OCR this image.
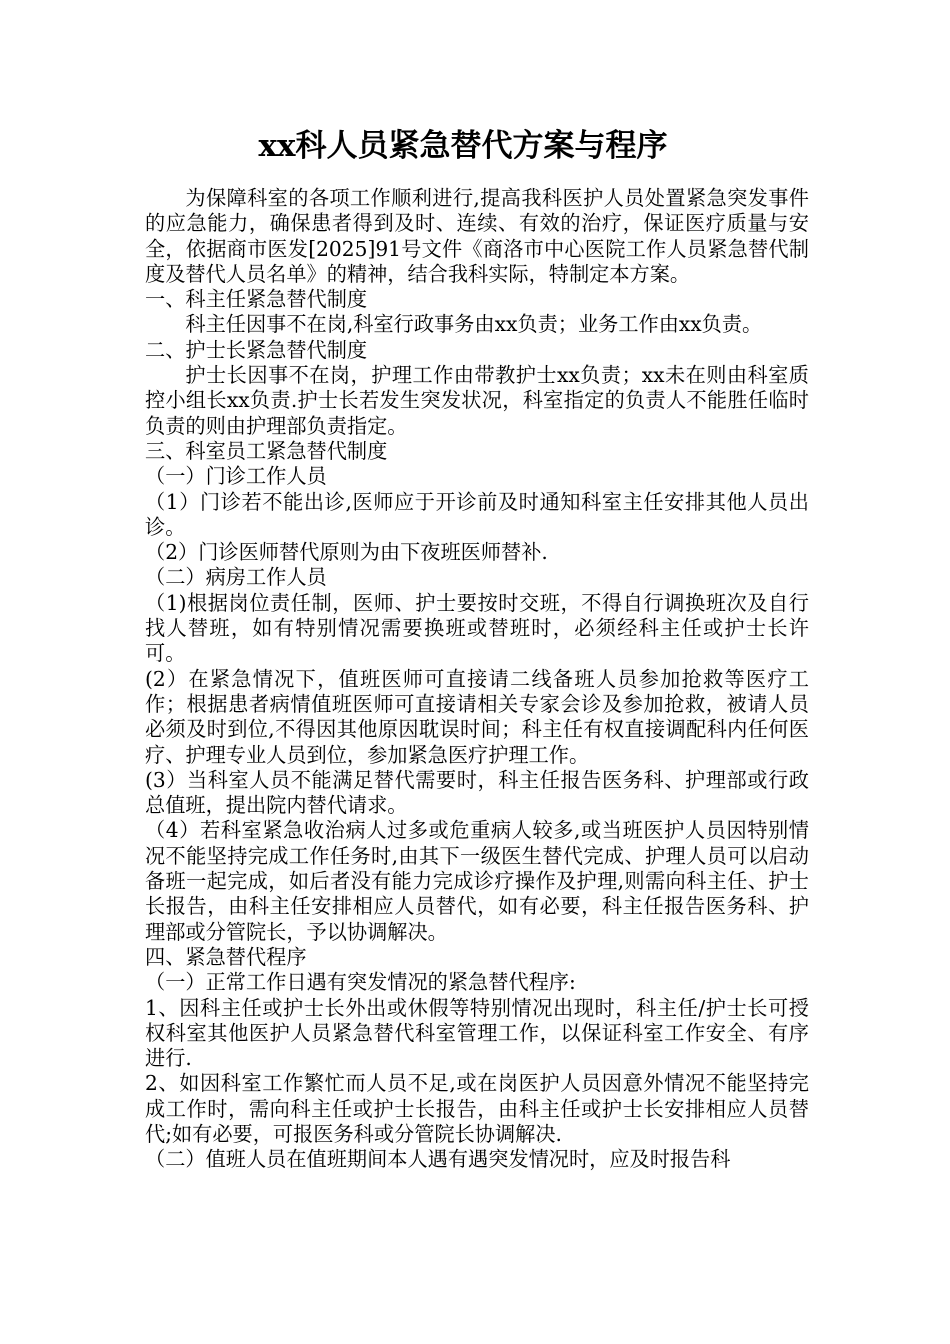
xx科人员紧急替代方案与程序

为保障科室的各项工作顺利进行,提高我科医护人员处置紧急突发事件的应急能力，确保患者得到及时、连续、有效的治疗，保证医疗质量与安全，依据商市医发[2025]91号文件《商洛市中心医院工作人员紧急替代制度及替代人员名单》的精神，结合我科实际，特制定本方案。

一、科主任紧急替代制度

科主任因事不在岗,科室行政事务由xx负责；业务工作由xx负责。

二、护士长紧急替代制度

护士长因事不在岗，护理工作由带教护士xx负责；xx未在则由科室质控小组长xx负责.护士长若发生突发状况，科室指定的负责人不能胜任临时负责的则由护理部负责指定。

三、科室员工紧急替代制度

（一）门诊工作人员

（1）门诊若不能出诊,医师应于开诊前及时通知科室主任安排其他人员出诊。

（2）门诊医师替代原则为由下夜班医师替补.

（二）病房工作人员

（1)根据岗位责任制，医师、护士要按时交班，不得自行调换班次及自行找人替班，如有特别情况需要换班或替班时，必须经科主任或护士长许可。

(2）在紧急情况下，值班医师可直接请二线备班人员参加抢救等医疗工作；根据患者病情值班医师可直接请相关专家会诊及参加抢救，被请人员必须及时到位,不得因其他原因耽误时间；科主任有权直接调配科内任何医疗、护理专业人员到位，参加紧急医疗护理工作。

(3）当科室人员不能满足替代需要时，科主任报告医务科、护理部或行政总值班，提出院内替代请求。

（4）若科室紧急收治病人过多或危重病人较多,或当班医护人员因特别情况不能坚持完成工作任务时,由其下一级医生替代完成、护理人员可以启动备班一起完成，如后者没有能力完成诊疗操作及护理,则需向科主任、护士长报告，由科主任安排相应人员替代，如有必要，科主任报告医务科、护理部或分管院长，予以协调解决。

四、紧急替代程序

（一）正常工作日遇有突发情况的紧急替代程序:

1、因科主任或护士长外出或休假等特别情况出现时，科主任/护士长可授权科室其他医护人员紧急替代科室管理工作，以保证科室工作安全、有序进行.

2、如因科室工作繁忙而人员不足,或在岗医护人员因意外情况不能坚持完成工作时，需向科主任或护士长报告，由科主任或护士长安排相应人员替代;如有必要，可报医务科或分管院长协调解决.

（二）值班人员在值班期间本人遇有遇突发情况时，应及时报告科
